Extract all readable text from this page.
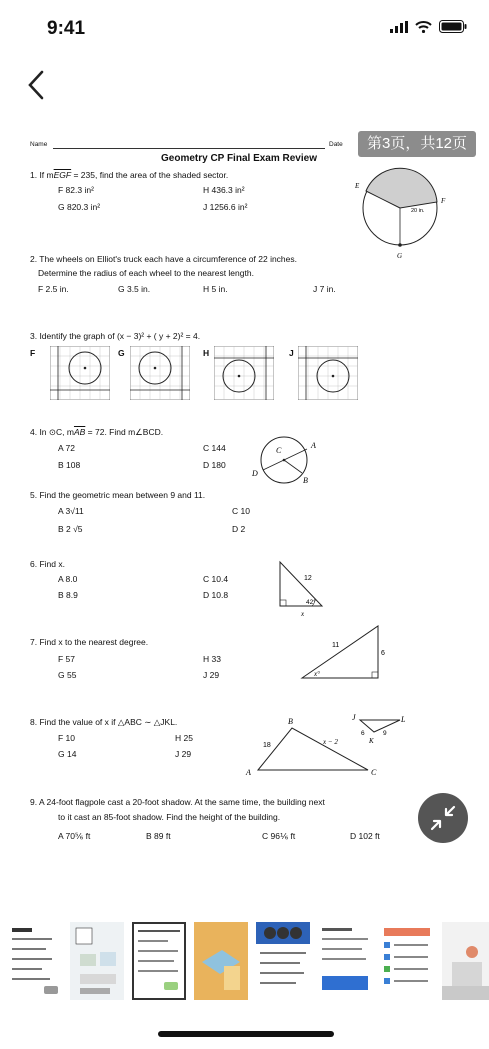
9:41
Name	Date
Geometry CP Final Exam Review
1. If $m\overline{EGF} = 235$, find the area of the shaded sector.
F 82.3 in²	H 436.3 in²
G 820.3 in²	J 1256.6 in²
E
F
G
20 in.
2. The wheels on Elliot's truck each have a circumference of 22 inches.
Determine the radius of each wheel to the nearest length.
F 2.5 in.	G 3.5 in.	H 5 in.	J 7 in.
3. Identify the graph of (x − 3)² + ( y + 2)² = 4.
F	G	H	J
4. In ⊙C, $m\overline{AB} = 72$. Find m∠BCD.
A 72	C 144
B 108	D 180
C
A
D
B
5. Find the geometric mean between 9 and 11.
A 3√11	C 10
B 2 √5	D 2
6. Find x.
A 8.0	C 10.4
B 8.9	D 10.8
12
42°
x
7. Find x to the nearest degree.
F 57	H 33
G 55	J 29
11
6
x°
8. Find the value of x if △ABC ∼ △JKL.
F 10	H 25
G 14	J 29
B
A	C
18	x − 2
J	L
K
6	9
9. A 24-foot flagpole cast a 20-foot shadow. At the same time, the building next
to it cast an 85-foot shadow. Find the height of the building.
A 70⅚ ft	B 89 ft	C 96⅙ ft	D 102 ft
第3页，共12页
